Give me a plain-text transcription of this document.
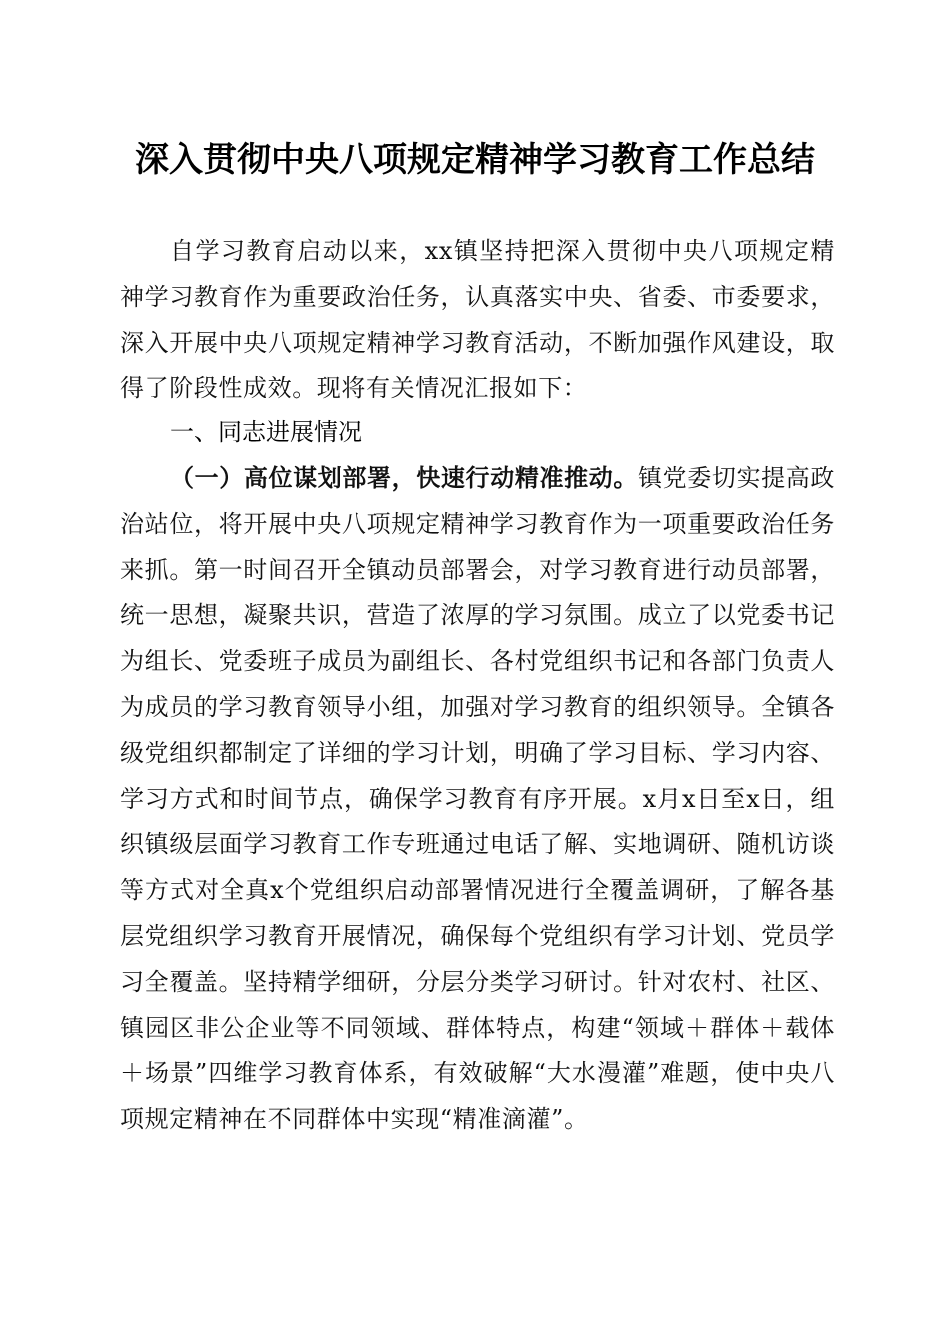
深入贯彻中央八项规定精神学习教育工作总结

自学习教育启动以来，xx镇坚持把深入贯彻中央八项规定精神学习教育作为重要政治任务，认真落实中央、省委、市委要求，深入开展中央八项规定精神学习教育活动，不断加强作风建设，取得了阶段性成效。现将有关情况汇报如下：

一、同志进展情况

（一）高位谋划部署，快速行动精准推动。镇党委切实提高政治站位，将开展中央八项规定精神学习教育作为一项重要政治任务来抓。第一时间召开全镇动员部署会，对学习教育进行动员部署，统一思想，凝聚共识，营造了浓厚的学习氛围。成立了以党委书记为组长、党委班子成员为副组长、各村党组织书记和各部门负责人为成员的学习教育领导小组，加强对学习教育的组织领导。全镇各级党组织都制定了详细的学习计划，明确了学习目标、学习内容、学习方式和时间节点，确保学习教育有序开展。x月x日至x日，组织镇级层面学习教育工作专班通过电话了解、实地调研、随机访谈等方式对全真x个党组织启动部署情况进行全覆盖调研，了解各基层党组织学习教育开展情况，确保每个党组织有学习计划、党员学习全覆盖。坚持精学细研，分层分类学习研讨。针对农村、社区、镇园区非公企业等不同领域、群体特点，构建“领域＋群体＋载体＋场景”四维学习教育体系，有效破解“大水漫灌”难题，使中央八项规定精神在不同群体中实现“精准滴灌”。
